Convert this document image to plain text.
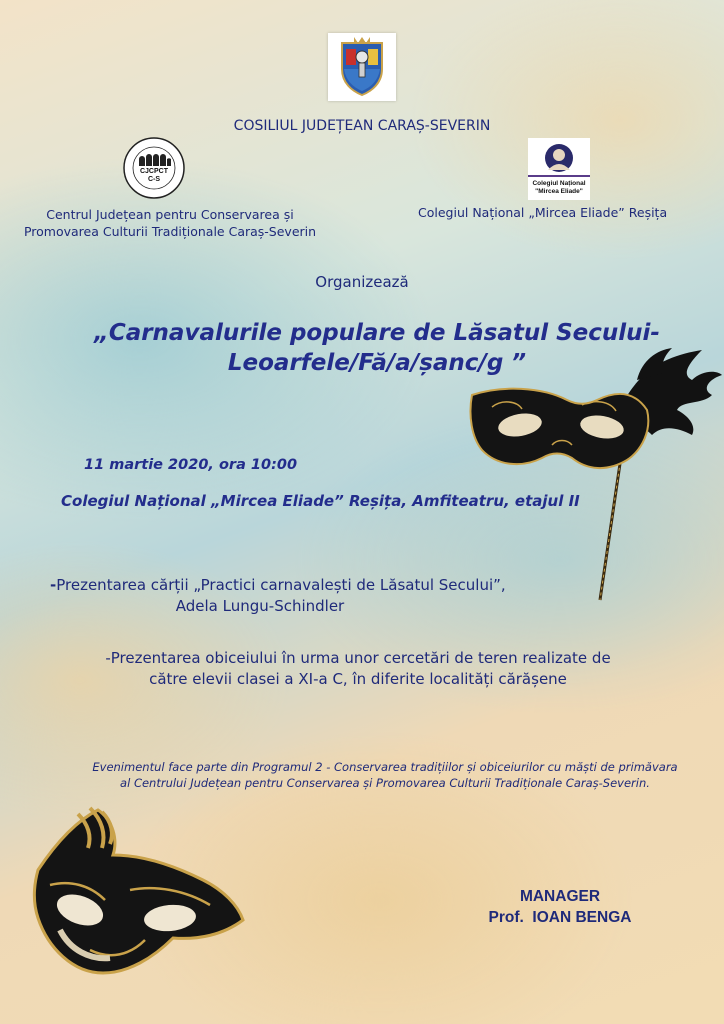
COSILIUL JUDEȚEAN CARAȘ-SEVERIN
CJCPCT
C-S
Centrul Județean pentru Conservarea și
Promovarea Culturii Tradiționale Caraș-Severin
Colegiul Național
"Mircea Eliade"
Colegiul Național „Mircea Eliade” Reșița
Organizează
„Carnavalurile populare de Lăsatul Secului-
Leoarfele/Fă/a/șanc/g ”
11 martie 2020, ora 10:00
Colegiul Național „Mircea Eliade” Reșița, Amfiteatru, etajul II
-Prezentarea cărții „Practici carnavalești de Lăsatul Secului”,
Adela Lungu-Schindler
-Prezentarea obiceiului în urma unor cercetări de teren realizate de
către elevii clasei a XI-a C, în diferite localități cărășene
Evenimentul face parte din Programul 2 - Conservarea tradițiilor și obiceiurilor cu măști de primăvara
al Centrului Județean pentru Conservarea și Promovarea Culturii Tradiționale Caraș-Severin.
MANAGER
Prof.  IOAN BENGA
